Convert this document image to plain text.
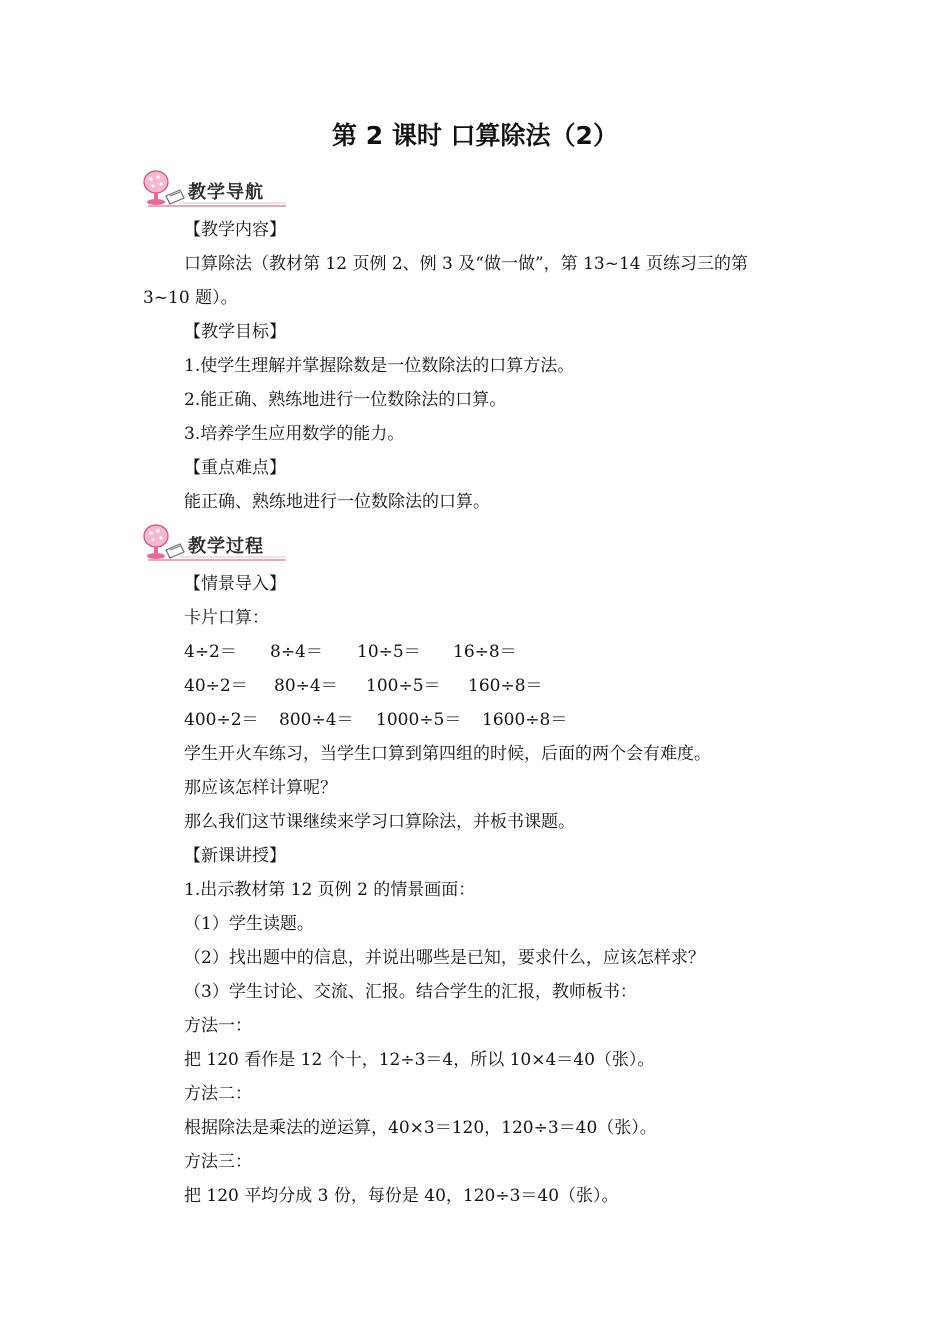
第 2 课时 口算除法（2）
教学导航
【教学内容】
口算除法（教材第 12 页例 2、例 3 及“做一做”，第 13~14 页练习三的第
3~10 题）。
【教学目标】
1.使学生理解并掌握除数是一位数除法的口算方法。
2.能正确、熟练地进行一位数除法的口算。
3.培养学生应用数学的能力。
【重点难点】
能正确、熟练地进行一位数除法的口算。
教学过程
【情景导入】
卡片口算：
4÷2＝ 8÷4＝ 10÷5＝ 16÷8＝
40÷2＝ 80÷4＝ 100÷5＝ 160÷8＝
400÷2＝ 800÷4＝ 1000÷5＝ 1600÷8＝
学生开火车练习，当学生口算到第四组的时候，后面的两个会有难度。
那应该怎样计算呢？
那么我们这节课继续来学习口算除法，并板书课题。
【新课讲授】
1.出示教材第 12 页例 2 的情景画面：
（1）学生读题。
（2）找出题中的信息，并说出哪些是已知，要求什么，应该怎样求？
（3）学生讨论、交流、汇报。结合学生的汇报，教师板书：
方法一：
把 120 看作是 12 个十，12÷3＝4，所以 10×4＝40（张）。
方法二：
根据除法是乘法的逆运算，40×3＝120，120÷3＝40（张）。
方法三：
把 120 平均分成 3 份，每份是 40，120÷3＝40（张）。
